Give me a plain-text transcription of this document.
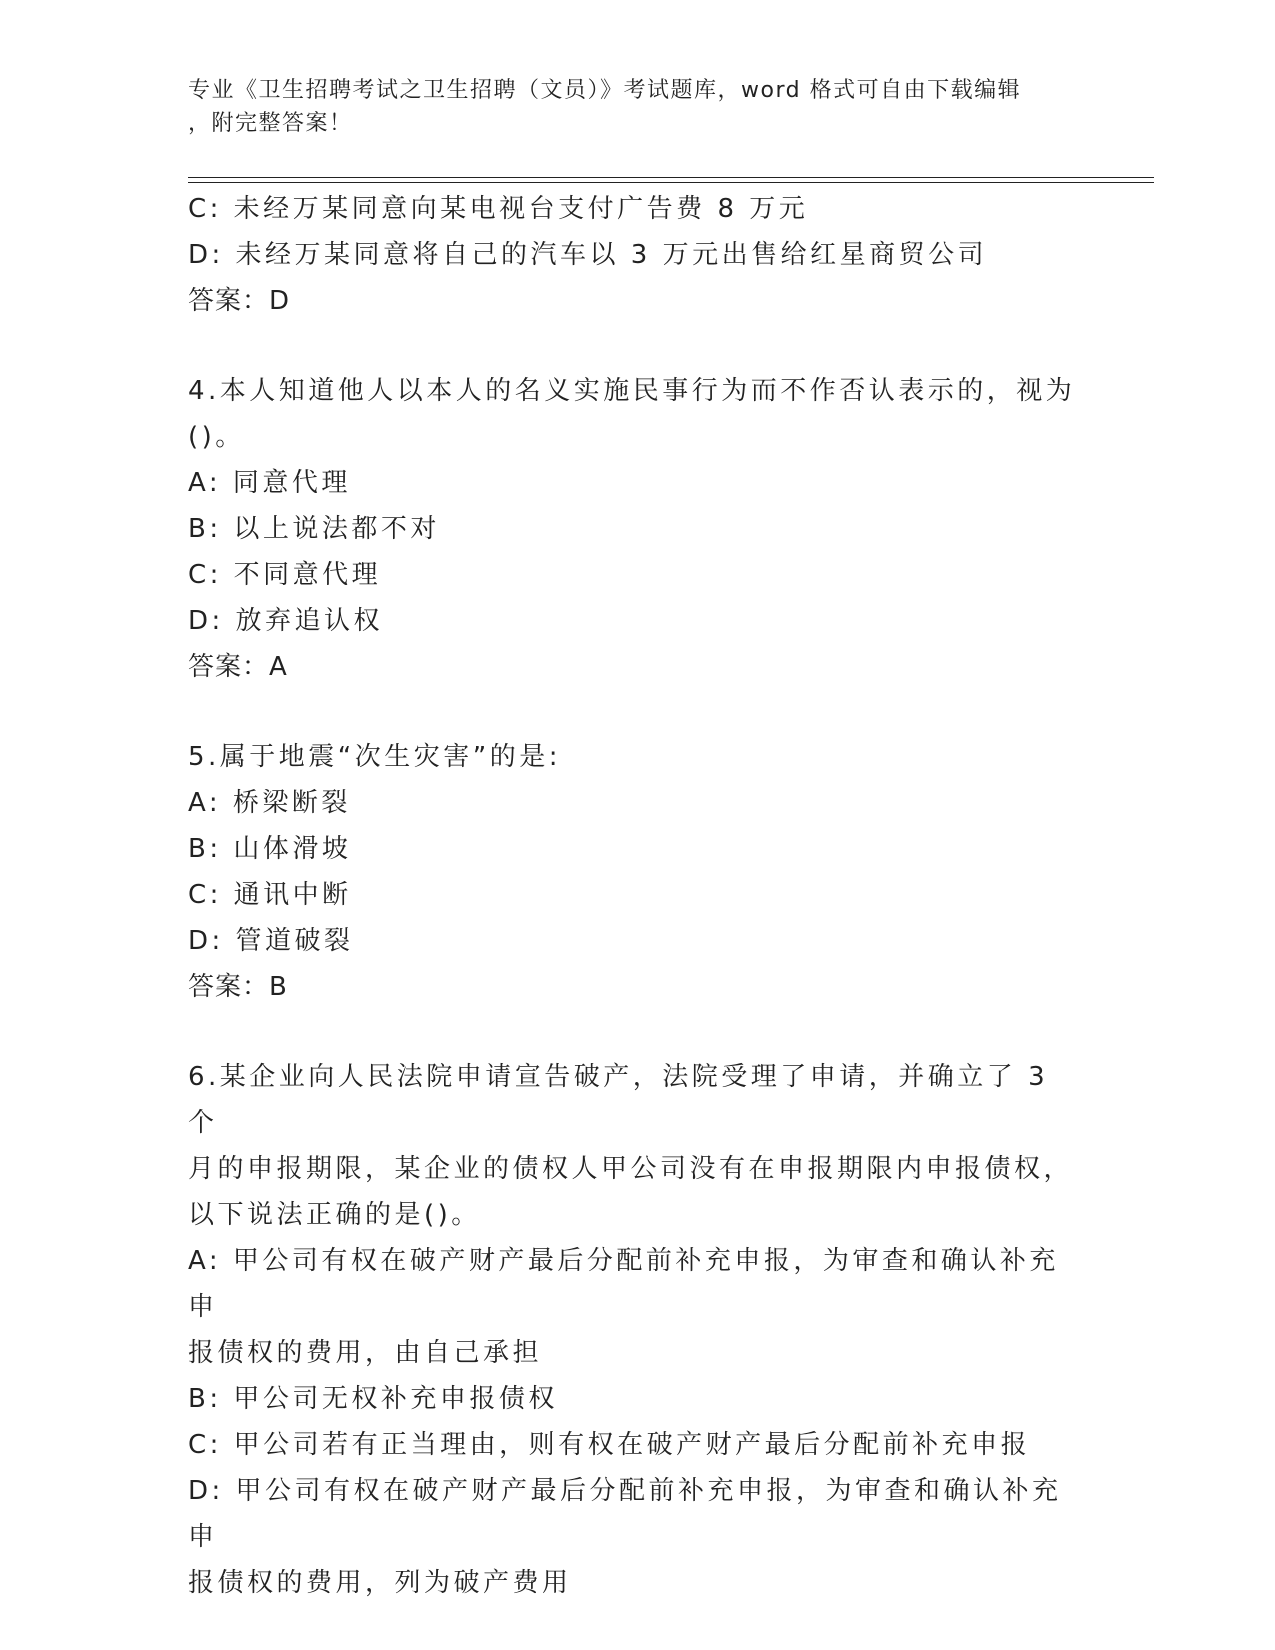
专业《卫生招聘考试之卫生招聘（文员）》考试题库，word 格式可自由下载编辑
，附完整答案！
C: 未经万某同意向某电视台支付广告费 8 万元
D: 未经万某同意将自己的汽车以 3 万元出售给红星商贸公司
答案：D
4.本人知道他人以本人的名义实施民事行为而不作否认表示的，视为
()。
A: 同意代理
B: 以上说法都不对
C: 不同意代理
D: 放弃追认权
答案：A
5.属于地震“次生灾害”的是:
A: 桥梁断裂
B: 山体滑坡
C: 通讯中断
D: 管道破裂
答案：B
6.某企业向人民法院申请宣告破产，法院受理了申请，并确立了 3 个
月的申报期限，某企业的债权人甲公司没有在申报期限内申报债权，
以下说法正确的是()。
A: 甲公司有权在破产财产最后分配前补充申报，为审查和确认补充申
报债权的费用，由自己承担
B: 甲公司无权补充申报债权
C: 甲公司若有正当理由，则有权在破产财产最后分配前补充申报
D: 甲公司有权在破产财产最后分配前补充申报，为审查和确认补充申
报债权的费用，列为破产费用
